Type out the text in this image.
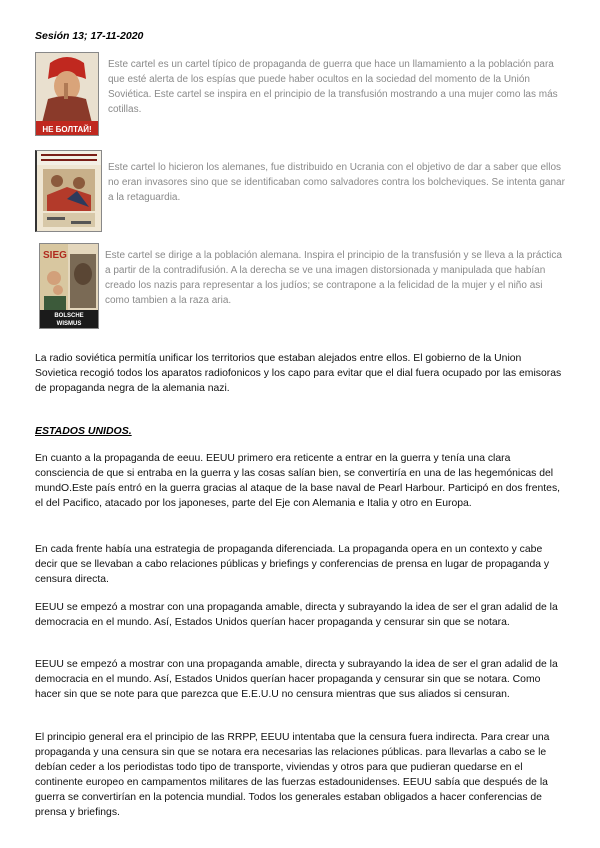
Sesión 13; 17-11-2020
НЕ БОЛТАЙ!
Este cartel es un cartel típico de propaganda de guerra que hace un llamamiento a la población para que esté alerta de los espías que puede haber ocultos en la sociedad del momento de la Unión Soviética. Este cartel se inspira en el principio de la transfusión mostrando a una mujer como las más cotillas.
Este cartel lo hicieron los alemanes, fue distribuido en Ucrania con el objetivo de dar a saber que ellos no eran invasores sino que se identificaban como salvadores contra los bolcheviques. Se intenta ganar a la retaguardia.
SIEG
BOLSCHE
WISMUS
Este cartel se dirige a la población alemana. Inspira el principio de la transfusión y se lleva a la práctica a partir de la contradifusión. A la derecha se ve una imagen distorsionada y manipulada que habían creado los nazis para representar a los judíos; se contrapone a la felicidad de la mujer y el niño asi como tambien a la raza aria.
La radio soviética permitía unificar los territorios que estaban alejados entre ellos. El gobierno de la Union Sovietica recogió todos los aparatos radiofonicos y los capo para evitar que el dial fuera ocupado por las emisoras de propaganda negra de la alemania nazi.
ESTADOS UNIDOS.
En cuanto a la propaganda de eeuu. EEUU primero era reticente a entrar en la guerra y tenía una clara consciencia de que si entraba en la guerra y las cosas salían bien, se convertiría en una de las hegemónicas del mundO.Este país entró en la guerra gracias al ataque de la base naval de Pearl Harbour. Participó en dos frentes, el del Pacifico, atacado por los japoneses, parte del Eje con Alemania e Italia y otro en Europa.
En cada frente había una estrategia de propaganda diferenciada. La propaganda opera en un contexto y cabe decir que se llevaban a cabo relaciones públicas y briefings y conferencias de prensa en lugar de propaganda y censura directa.
EEUU se empezó a mostrar con una propaganda amable, directa y subrayando la idea de ser el gran adalid de la democracia en el mundo. Así, Estados Unidos querían hacer propaganda y censurar sin que se notara.
EEUU se empezó a mostrar con una propaganda amable, directa y subrayando la idea de ser el gran adalid de la democracia en el mundo. Así, Estados Unidos querían hacer propaganda y censurar sin que se notara. Como hacer sin que se note para que parezca que E.E.U.U no censura mientras que sus aliados si censuran.
El principio general era el principio de las RRPP, EEUU intentaba que la censura fuera indirecta. Para crear una propaganda y una censura sin que se notara era necesarias las relaciones públicas. para llevarlas a cabo se le debían ceder a los periodistas todo tipo de transporte, viviendas y otros para que pudieran quedarse en el continente europeo en campamentos militares de las fuerzas estadounidenses. EEUU sabía que después de la guerra se convertirían en la potencia mundial. Todos los generales estaban obligados a hacer conferencias de prensa y briefings.
